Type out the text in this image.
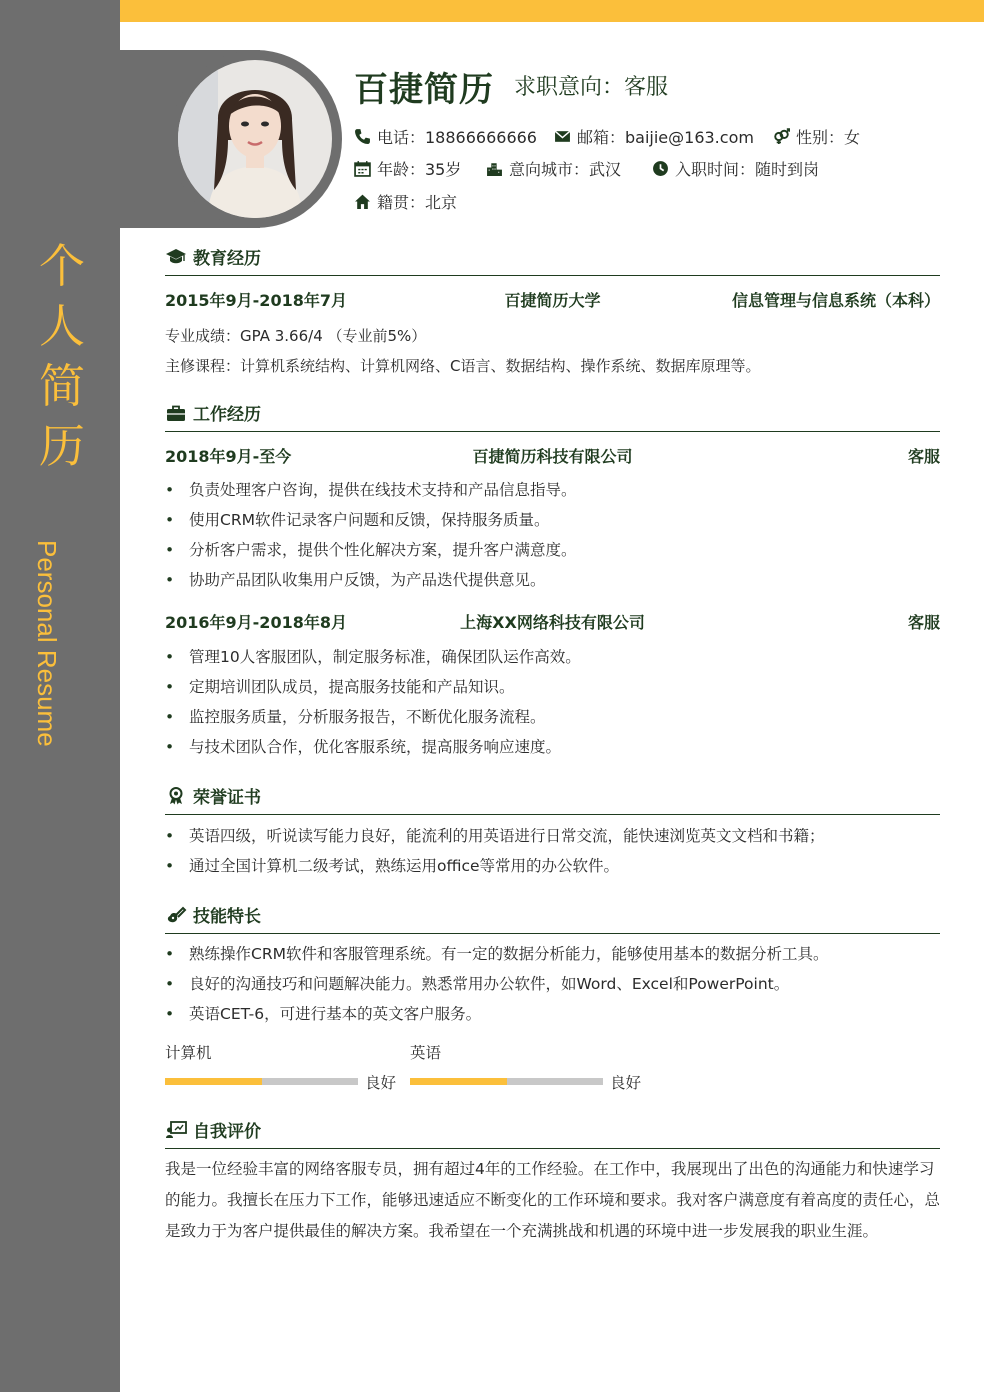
个
人
简
历
Personal Resume
百捷简历 求职意向：客服
电话：18866666666	邮箱：baijie@163.com	性别：女
年龄：35岁	意向城市：武汉	入职时间：随时到岗
籍贯：北京
教育经历
2015年9月-2018年7月	百捷简历大学	信息管理与信息系统（本科）
专业成绩：GPA 3.66/4 （专业前5%）
主修课程：计算机系统结构、计算机网络、C语言、数据结构、操作系统、数据库原理等。
工作经历
2018年9月-至今	百捷简历科技有限公司	客服
• 负责处理客户咨询，提供在线技术支持和产品信息指导。
• 使用CRM软件记录客户问题和反馈，保持服务质量。
• 分析客户需求，提供个性化解决方案，提升客户满意度。
• 协助产品团队收集用户反馈，为产品迭代提供意见。
2016年9月-2018年8月	上海XX网络科技有限公司	客服
• 管理10人客服团队，制定服务标准，确保团队运作高效。
• 定期培训团队成员，提高服务技能和产品知识。
• 监控服务质量，分析服务报告，不断优化服务流程。
• 与技术团队合作，优化客服系统，提高服务响应速度。
荣誉证书
• 英语四级，听说读写能力良好，能流利的用英语进行日常交流，能快速浏览英文文档和书籍；
• 通过全国计算机二级考试，熟练运用office等常用的办公软件。
技能特长
• 熟练操作CRM软件和客服管理系统。有一定的数据分析能力，能够使用基本的数据分析工具。
• 良好的沟通技巧和问题解决能力。熟悉常用办公软件，如Word、Excel和PowerPoint。
• 英语CET-6，可进行基本的英文客户服务。
计算机
良好
英语
良好
自我评价
我是一位经验丰富的网络客服专员，拥有超过4年的工作经验。在工作中，我展现出了出色的沟通能力和快速学习的能力。我擅长在压力下工作，能够迅速适应不断变化的工作环境和要求。我对客户满意度有着高度的责任心，总是致力于为客户提供最佳的解决方案。我希望在一个充满挑战和机遇的环境中进一步发展我的职业生涯。
